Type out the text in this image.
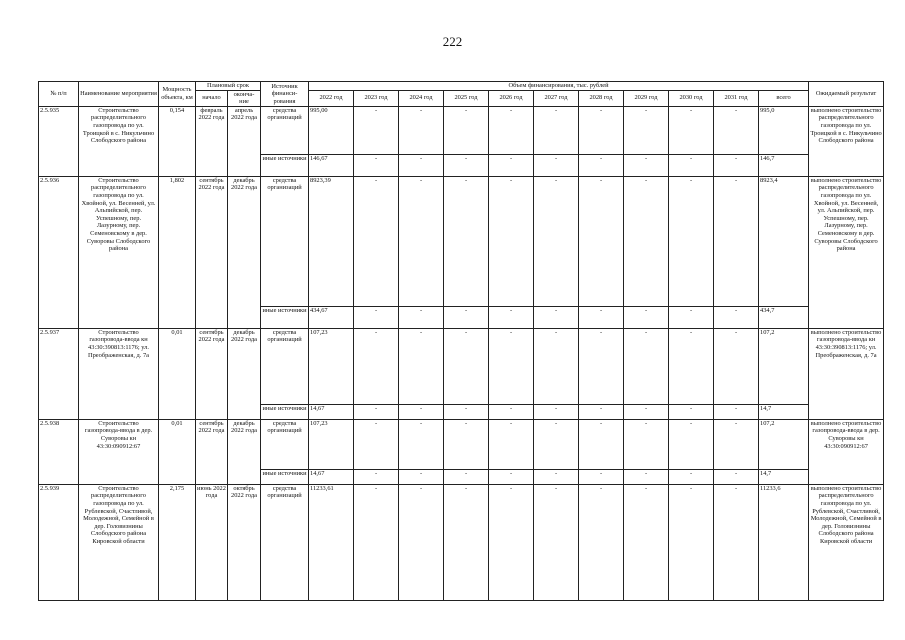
222
№ п/п	Наименование мероприятия	Мощность объекта, км	Плановый срок		Источник финанси-рования	Объем финансирования, тыс. рублей											Ожидаемый результат
			начало	оконча-ние		2022 год	2023 год	2024 год	2025 год	2026 год	2027 год	2028 год	2029 год	2030 год	2031 год	всего	
2.5.935	Строительство распределительного газопровода по ул. Троицкой в с. Никульчино Слободского района	0,154	февраль 2022 года	апрель 2022 года	средства организаций	995,00	-	-	-	-	-	-	-	-	-	995,0	выполнено строительство распределительного газопровода по ул. Троицкой в с. Никульчино Слободского района
					иные источники	146,67	-	-	-	-	-	-	-	-	-	146,7	
2.5.936	Строительство распределительного газопровода по ул. Хвойной, ул. Весенней, ул. Альпийской, пер. Успешному, пер. Лазурному, пер. Семеновскому в дер. Суворовы Слободского района	1,802	сентябрь 2022 года	декабрь 2022 года	средства организаций	8923,39	-	-	-	-	-	-	-	-	-	8923,4	выполнено строительство распределительного газопровода по ул. Хвойной, ул. Весенней, ул. Альпийской, пер. Успешному, пер. Лазурному, пер. Семеновскому в дер. Суворовы Слободского района
					иные источники	434,67	-	-	-	-	-	-	-	-	-	434,7	
2.5.937	Строительство газопровода-ввода кн 43:30:390813:1176; ул. Преображенская, д. 7а	0,01	сентябрь 2022 года	декабрь 2022 года	средства организаций	107,23	-	-	-	-	-	-	-	-	-	107,2	выполнено строительство газопровода-ввода кн 43:30:390813:1176; ул. Преображенская, д. 7а
					иные источники	14,67	-	-	-	-	-	-	-	-	-	14,7	
2.5.938	Строительство газопровода-ввода в дер. Суворовы кн 43:30:090912:67	0,01	сентябрь 2022 года	декабрь 2022 года	средства организаций	107,23	-	-	-	-	-	-	-	-	-	107,2	выполнено строительство газопровода-ввода в дер. Суворовы кн 43:30:090912:67
					иные источники	14,67	-	-	-	-	-	-	-	-	-	14,7	
2.5.939	Строительство распределительного газопровода по ул. Рублевской, Счастливой, Молодежной, Семейной в дер. Головизнины Слободского района Кировской области	2,175	июнь 2022 года	октябрь 2022 года	средства организаций	11233,61	-	-	-	-	-	-	-	-	-	11233,6	выполнено строительство распределительного газопровода по ул. Рублевской, Счастливой, Молодежной, Семейной в дер. Головизнины Слободского района Кировской области
